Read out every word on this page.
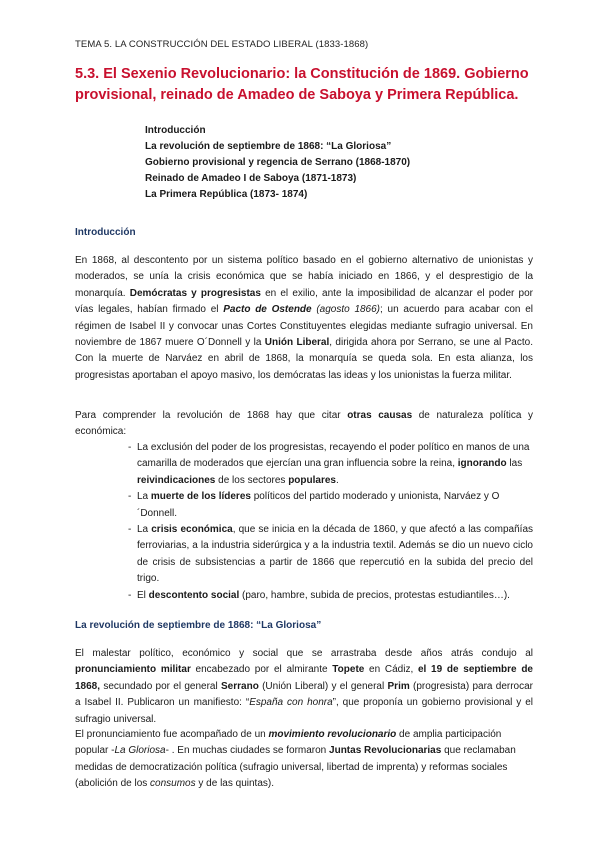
TEMA 5. LA CONSTRUCCIÓN DEL ESTADO LIBERAL (1833-1868)
5.3. El Sexenio Revolucionario: la Constitución de 1869. Gobierno provisional, reinado de Amadeo de Saboya y Primera República.
Introducción
La revolución de septiembre de 1868: “La Gloriosa”
Gobierno provisional y regencia de Serrano (1868-1870)
Reinado de Amadeo I de Saboya (1871-1873)
La Primera República (1873- 1874)
Introducción
En 1868, al descontento por un sistema político basado en el gobierno alternativo de unionistas y moderados, se unía la crisis económica que se había iniciado en 1866, y el desprestigio de la monarquía. Demócratas y progresistas en el exilio, ante la imposibilidad de alcanzar el poder por vías legales, habían firmado el Pacto de Ostende (agosto 1866); un acuerdo para acabar con el régimen de Isabel II y convocar unas Cortes Constituyentes elegidas mediante sufragio universal. En noviembre de 1867 muere O´Donnell y la Unión Liberal, dirigida ahora por Serrano, se une al Pacto. Con la muerte de Narváez en abril de 1868, la monarquía se queda sola. En esta alianza, los progresistas aportaban el apoyo masivo, los demócratas las ideas y los unionistas la fuerza militar.
Para comprender la revolución de 1868 hay que citar otras causas de naturaleza política y económica:
- La exclusión del poder de los progresistas, recayendo el poder político en manos de una camarilla de moderados que ejercían una gran influencia sobre la reina, ignorando las reivindicaciones de los sectores populares.
- La muerte de los líderes políticos del partido moderado y unionista, Narváez y O´Donnell.
- La crisis económica, que se inicia en la década de 1860, y que afectó a las compañías ferroviarias, a la industria siderúrgica y a la industria textil. Además se dio un nuevo ciclo de crisis de subsistencias a partir de 1866 que repercutió en la subida del precio del trigo.
- El descontento social (paro, hambre, subida de precios, protestas estudiantiles…).
La revolución de septiembre de 1868: “La Gloriosa”
El malestar político, económico y social que se arrastraba desde años atrás condujo al pronunciamiento militar encabezado por el almirante Topete en Cádiz, el 19 de septiembre de 1868, secundado por el general Serrano (Unión Liberal) y el general Prim (progresista) para derrocar a Isabel II. Publicaron un manifiesto: “España con honra”, que proponía un gobierno provisional y el sufragio universal.
El pronunciamiento fue acompañado de un movimiento revolucionario de amplia participación popular -La Gloriosa- . En muchas ciudades se formaron Juntas Revolucionarias que reclamaban medidas de democratización política (sufragio universal, libertad de imprenta) y reformas sociales (abolición de los consumos y de las quintas).
